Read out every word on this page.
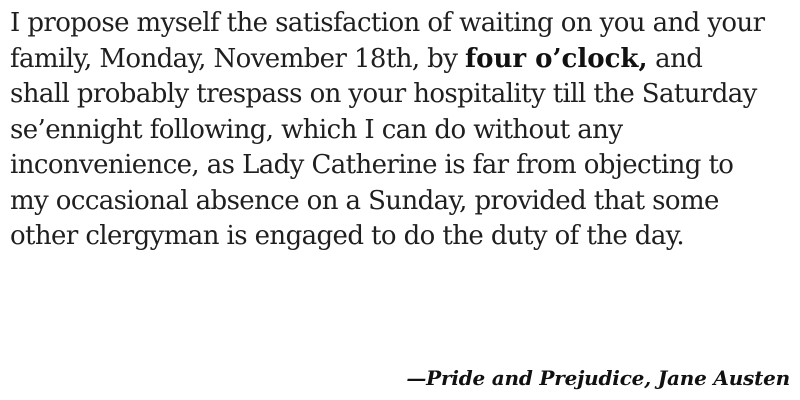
I propose myself the satisfaction of waiting on you and your
family, Monday, November 18th, by four o’clock, and
shall probably trespass on your hospitality till the Saturday
se’ennight following, which I can do without any
inconvenience, as Lady Catherine is far from objecting to
my occasional absence on a Sunday, provided that some
other clergyman is engaged to do the duty of the day.
—Pride and Prejudice, Jane Austen
